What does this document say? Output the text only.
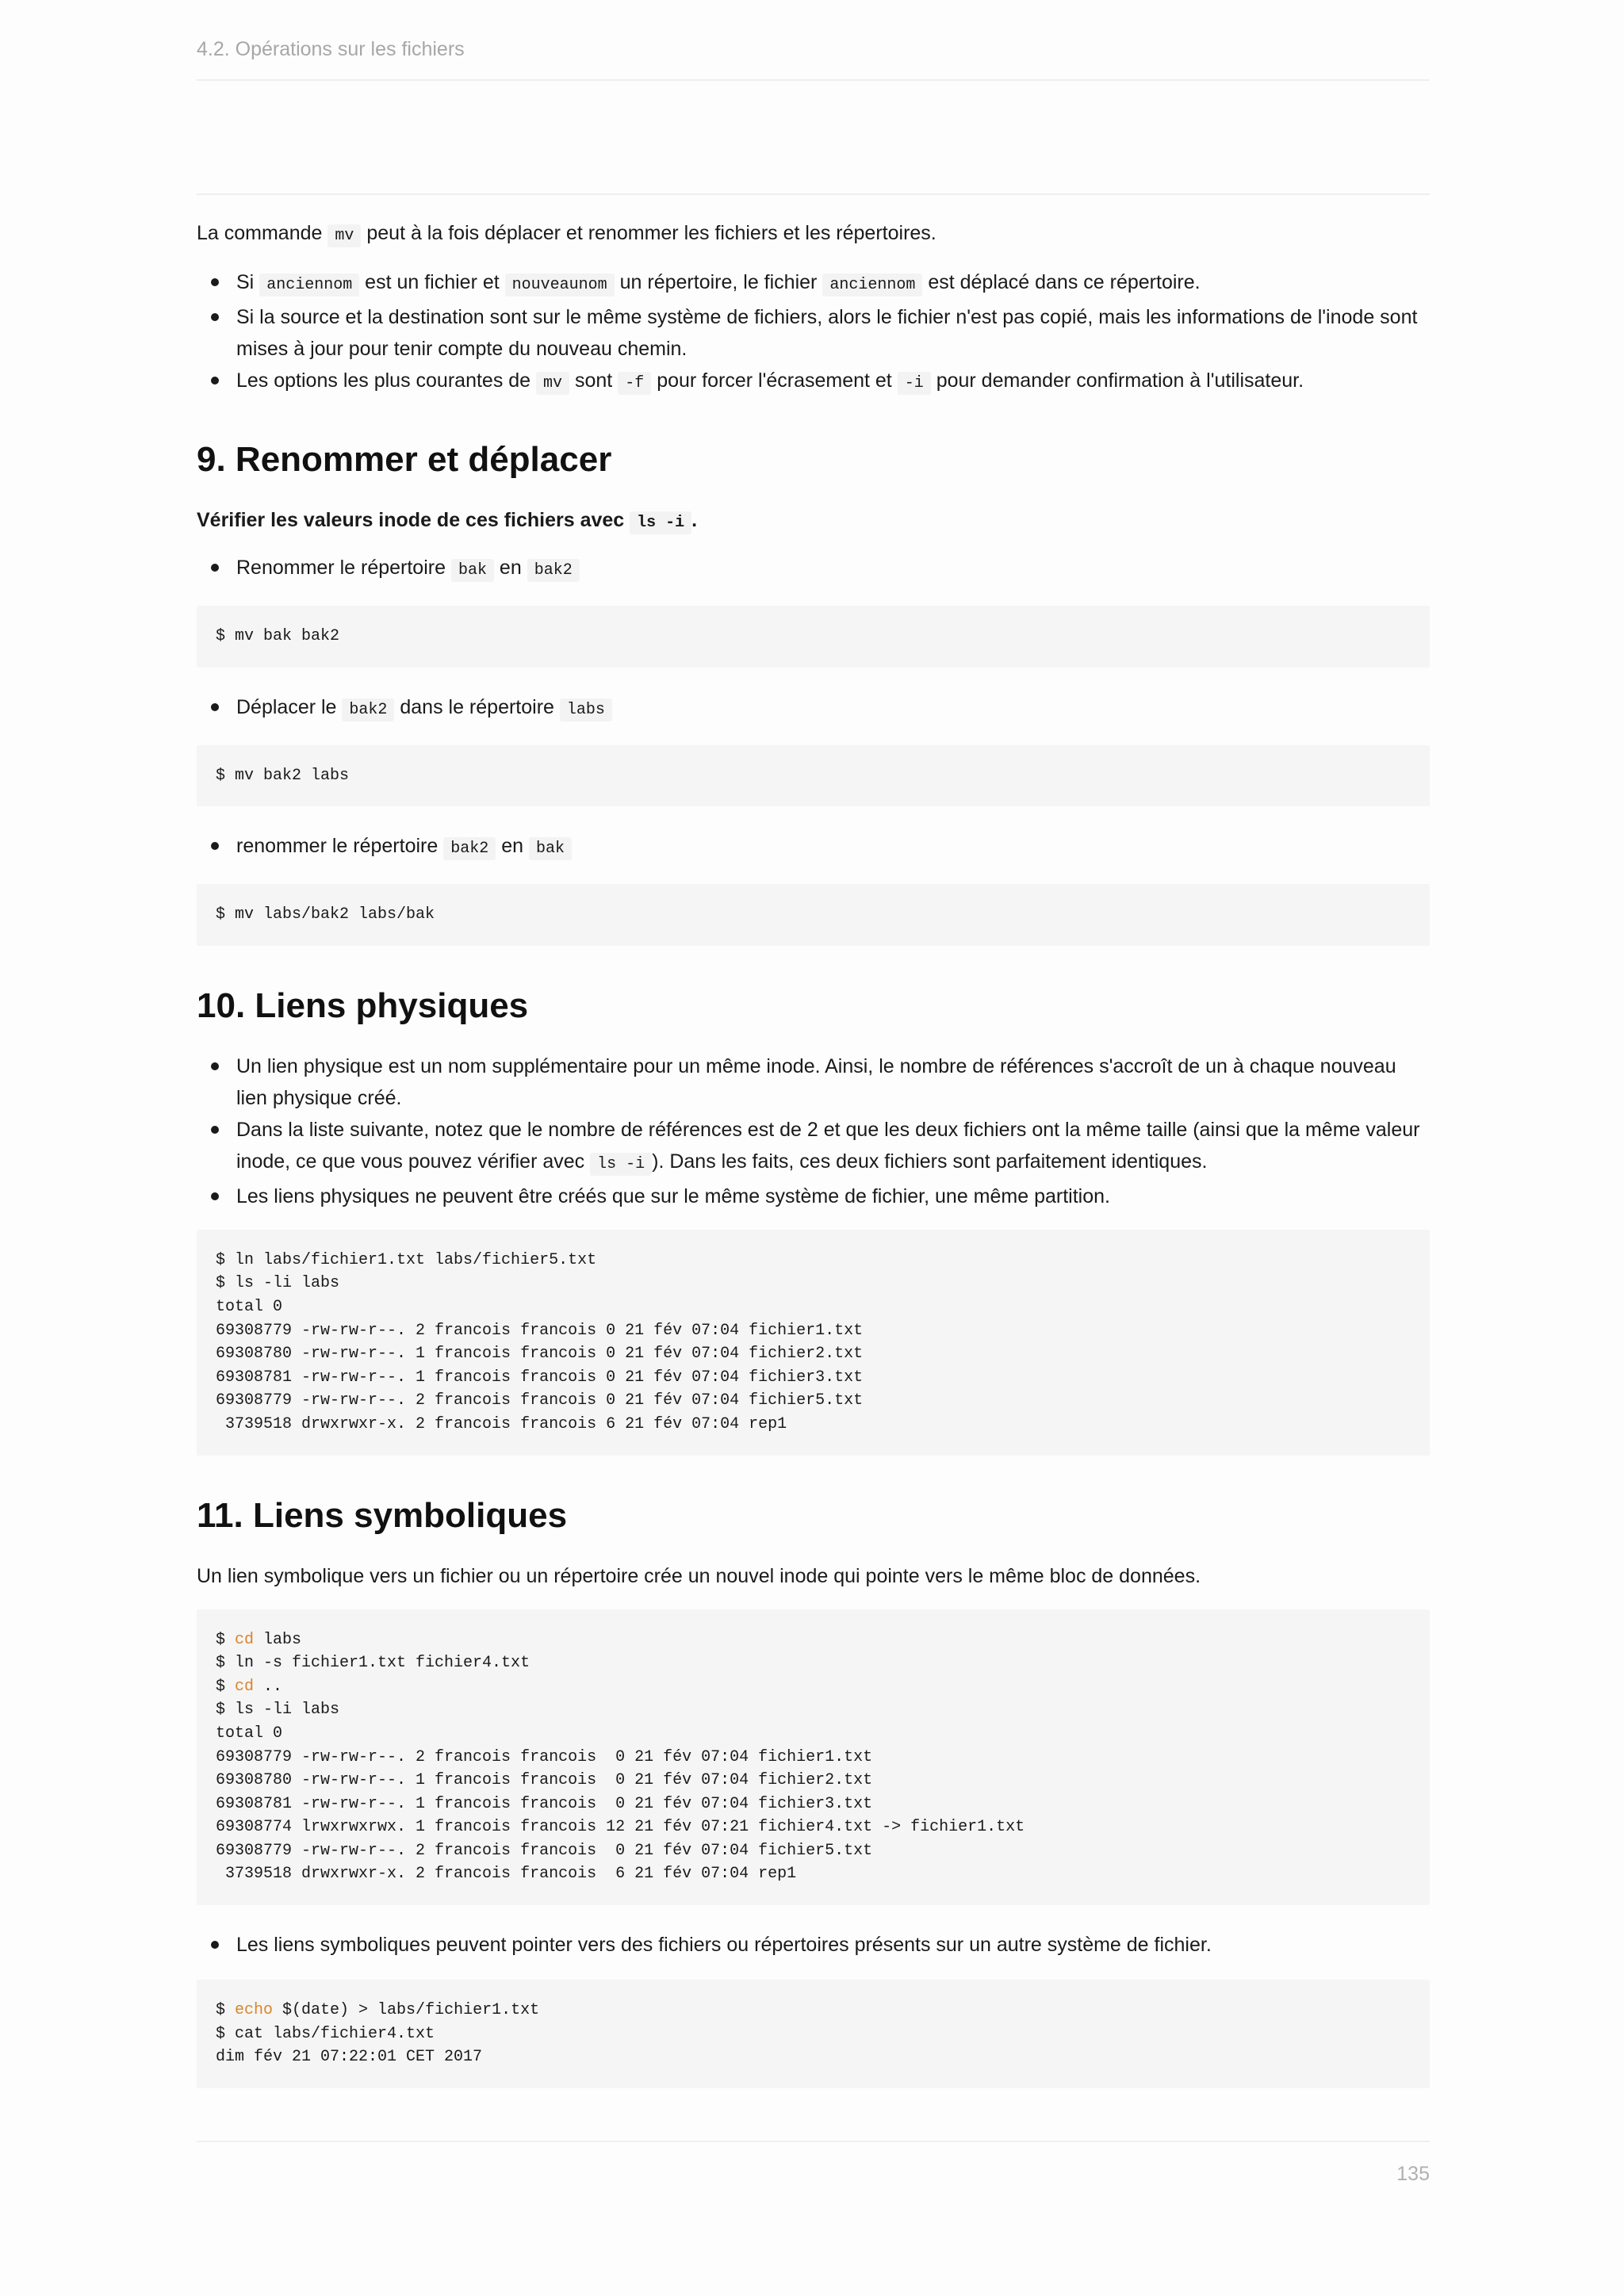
4.2. Opérations sur les fichiers

La commande mv peut à la fois déplacer et renommer les fichiers et les répertoires.

Si anciennom est un fichier et nouveaunom un répertoire, le fichier anciennom est déplacé dans ce répertoire.
Si la source et la destination sont sur le même système de fichiers, alors le fichier n'est pas copié, mais les informations de l'inode sont mises à jour pour tenir compte du nouveau chemin.
Les options les plus courantes de mv sont -f pour forcer l'écrasement et -i pour demander confirmation à l'utilisateur.
9. Renommer et déplacer

Vérifier les valeurs inode de ces fichiers avec ls -i .

Renommer le répertoire bak en bak2
$ mv bak bak2
Déplacer le bak2 dans le répertoire labs
$ mv bak2 labs
renommer le répertoire bak2 en bak
$ mv labs/bak2 labs/bak
10. Liens physiques
Un lien physique est un nom supplémentaire pour un même inode. Ainsi, le nombre de références s'accroît de un à chaque nouveau lien physique créé.
Dans la liste suivante, notez que le nombre de références est de 2 et que les deux fichiers ont la même taille (ainsi que la même valeur inode, ce que vous pouvez vérifier avec ls -i ). Dans les faits, ces deux fichiers sont parfaitement identiques.
Les liens physiques ne peuvent être créés que sur le même système de fichier, une même partition.
$ ln labs/fichier1.txt labs/fichier5.txt
$ ls -li labs
total 0
69308779 -rw-rw-r--. 2 francois francois 0 21 fév 07:04 fichier1.txt
69308780 -rw-rw-r--. 1 francois francois 0 21 fév 07:04 fichier2.txt
69308781 -rw-rw-r--. 1 francois francois 0 21 fév 07:04 fichier3.txt
69308779 -rw-rw-r--. 2 francois francois 0 21 fév 07:04 fichier5.txt
3739518 drwxrwxr-x. 2 francois francois 6 21 fév 07:04 rep1
11. Liens symboliques

Un lien symbolique vers un fichier ou un répertoire crée un nouvel inode qui pointe vers le même bloc de données.

$ cd labs
$ ln -s fichier1.txt fichier4.txt
$ cd ..
$ ls -li labs
total 0
69308779 -rw-rw-r--. 2 francois francois  0 21 fév 07:04 fichier1.txt
69308780 -rw-rw-r--. 1 francois francois  0 21 fév 07:04 fichier2.txt
69308781 -rw-rw-r--. 1 francois francois  0 21 fév 07:04 fichier3.txt
69308774 lrwxrwxrwx. 1 francois francois 12 21 fév 07:21 fichier4.txt -> fichier1.txt
69308779 -rw-rw-r--. 2 francois francois  0 21 fév 07:04 fichier5.txt
3739518 drwxrwxr-x. 2 francois francois  6 21 fév 07:04 rep1
Les liens symboliques peuvent pointer vers des fichiers ou répertoires présents sur un autre système de fichier.
$ echo $(date) > labs/fichier1.txt
$ cat labs/fichier4.txt
dim fév 21 07:22:01 CET 2017
135
